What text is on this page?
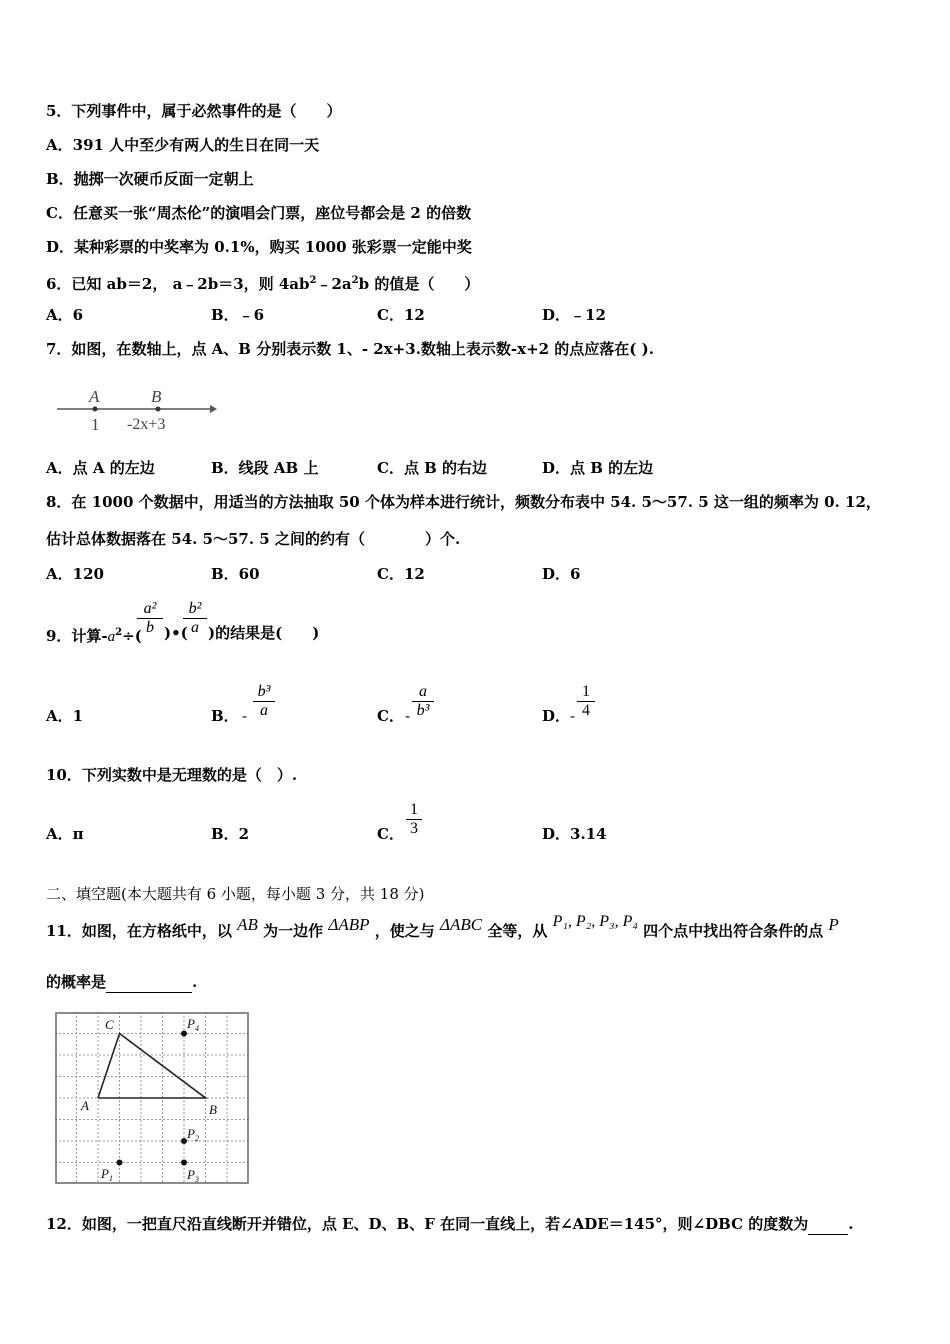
5．下列事件中，属于必然事件的是（　　）
A．391 人中至少有两人的生日在同一天
B．抛掷一次硬币反面一定朝上
C．任意买一张“周杰伦”的演唱会门票，座位号都会是 2 的倍数
D．某种彩票的中奖率为 0.1%，购买 1000 张彩票一定能中奖
6．已知 ab＝2， a﹣2b＝3，则 $4ab^2﹣2a^2b$ 的值是（　　）
A．6	B．﹣6	C．12	D．﹣12
7．如图，在数轴上，点 A、B 分别表示数 1、- 2x+3.数轴上表示数-x+2 的点应落在( ).
A	B
1 -2x+3
A．点 A 的左边	B．线段 AB 上	C．点 B 的右边	D．点 B 的左边
8．在 1000 个数据中，用适当的方法抽取 50 个体为样本进行统计，频数分布表中 54. 5～57. 5 这一组的频率为 0. 12，
估计总体数据落在 54. 5～57. 5 之间的约有（　　　　）个.
A．120	B．60	C．12	D．6
9．计算$-a^2\div$(
$\frac{\text{a²}}{b}$ )•(
$\frac{\text{b²}}{a}$ )的结果是(　　)
A．1	B． - $\frac{\text{b³}}{a}$	C． - $\frac{a}{\text{b³}}$	D． - $\frac{1}{4}$
10．下列实数中是无理数的是（　）.
A．π	B．2	C． $\frac{1}{3}$	D．3.14
二、填空题(本大题共有 6 小题，每小题 3 分，共 18 分)
11．如图，在方格纸中，以 AB 为一边作 ΔABP ，使之与 ΔABC 全等，从 P₁, P₂, P₃, P₄ 四个点中找出符合条件的点 P
的概率是	.
C
A	B
$P_4$
$P_2$
$P_1$	$P_3$
12．如图，一把直尺沿直线断开并错位，点 E、D、B、F 在同一直线上，若∠ADE＝145°，则∠DBC 的度数为	.
